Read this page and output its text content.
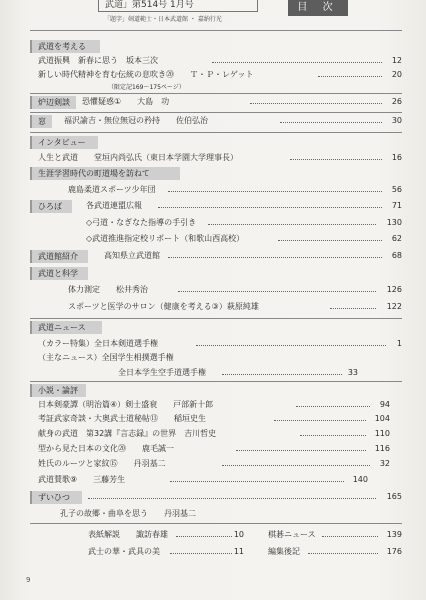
武道」第514号 1月号
「題字」剣道範士・日本武道館 ・ 嘉納行光
目 次
武道を考える
武道振興　新春に思う　坂本三次	12
新しい時代精神を育む伝統の息吹き⑳　　Ｔ・Ｐ・レゲット	20
（限定記169〜175ページ）
炉辺剣談	恐懼疑惑①　　大島　功	26
窓	福沢諭吉・無位無冠の矜持　　佐伯弘治	30
インタビュー
人生と武道　　堂垣内尚弘氏（東日本学園大学理事長）	16
生涯学習時代の町道場を訪ねて
鹿島柔道スポーツ少年団	56
ひろば	各武道連盟広報	71
◇弓道・なぎなた指導の手引き	130
◇武道推進指定校リポート（和歌山西高校）	62
武道館紹介	高知県立武道館	68
武道と科学
体力測定　　松井秀治	126
スポーツと医学のサロン（健康を考える③）萩原純雄	122
武道ニュース
（カラー特集）全日本剣道選手権	1
（主なニュース）全国学生相撲選手権
全日本学生空手道選手権	33
小説・論評
日本剣豪譚（明治篇④）剣士盛衰　　戸部新十郎	94
考証武家奇談・大奥武士道秘帖⑬　　稲垣史生	104
献身の武道　第32講『言志録』の世界　吉川哲史	110
型から見た日本の文化⑳　　鹿毛誠一	116
姓氏のルーツと家紋⑮　　丹羽基二	32
武道賛歌⑨　　三藤芳生	140
ずいひつ	165
孔子の故郷・曲阜を思う　　丹羽基二
表紙解説　　諏訪春雄	10	棋碁ニュース	139
武士の華・武具の美	11	編集後記	176
9
